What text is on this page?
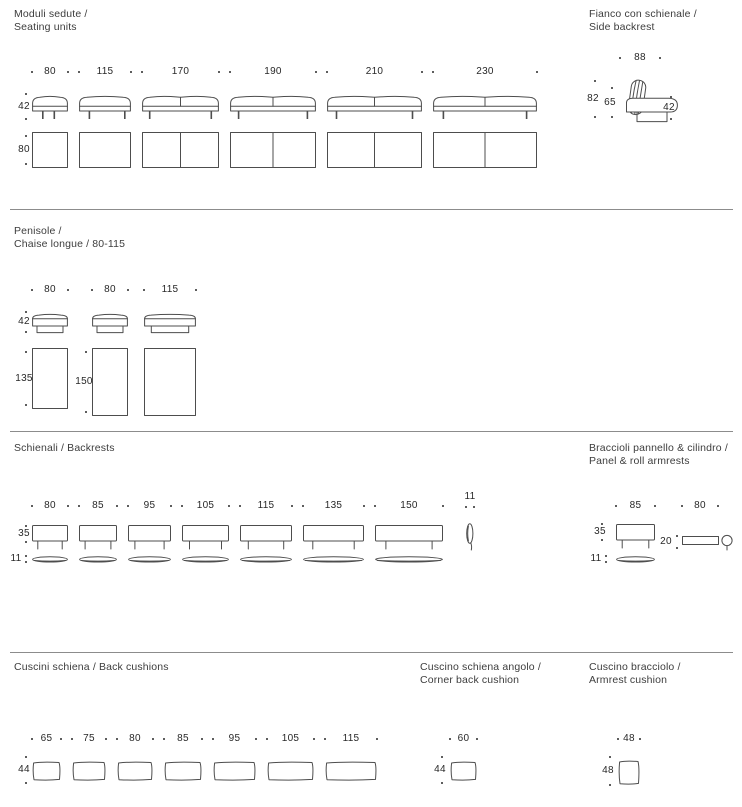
Moduli sedute /
Seating units
Fianco con schienale /
Side backrest
Penisole /
Chaise longue / 80-115
Schienali / Backrests	Braccioli pannello & cilindro /
Panel & roll armrests
Cuscini schiena / Back cushions	Cuscino schiena angolo /
Corner back cushion
Cuscino bracciolo /
Armrest cushion
80	115	170	190	210	230
42
80
88
82 65	42
80	80	115
42
135	150
80	85	95	105	115	135	150
11
35
11
85
35
11
80
20
65	75	80	85	95	105	115
44
60
44
48
48
